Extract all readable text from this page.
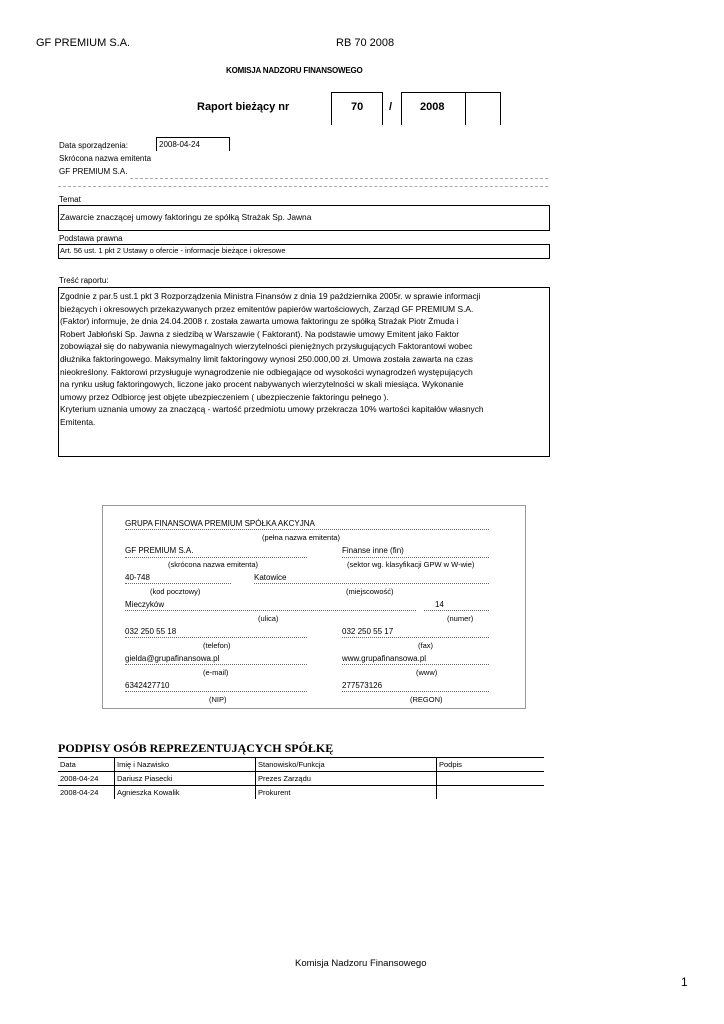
GF PREMIUM S.A.	RB 70 2008
KOMISJA NADZORU FINANSOWEGO
Raport bieżący nr	70 /	2008
Data sporządzenia:	2008-04-24
Skrócona nazwa emitenta
GF PREMIUM S.A.
Temat
Zawarcie znaczącej umowy faktoringu ze spółką Strażak Sp. Jawna
Podstawa prawna
Art. 56 ust. 1 pkt 2 Ustawy o ofercie - informacje bieżące i okresowe
Treść raportu:
Zgodnie z par.5 ust.1 pkt 3 Rozporządzenia Ministra Finansów z dnia 19 października 2005r. w sprawie informacji
bieżących i okresowych przekazywanych przez emitentów papierów wartościowych, Zarząd GF PREMIUM S.A.
(Faktor) informuje, że dnia 24.04.2008 r. została zawarta umowa faktoringu ze spółką Strażak Piotr Żmuda i
Robert Jabłoński Sp. Jawna z siedzibą w Warszawie ( Faktorant). Na podstawie umowy Emitent jako Faktor
zobowiązał się do nabywania niewymagalnych wierzytelności pieniężnych przysługujących Faktorantowi wobec
dłużnika faktoringowego. Maksymalny limit faktoringowy wynosi 250.000,00 zł. Umowa została zawarta na czas
nieokreślony. Faktorowi przysługuje wynagrodzenie nie odbiegające od wysokości wynagrodzeń występujących
na rynku usług faktoringowych, liczone jako procent nabywanych wierzytelności w skali miesiąca. Wykonanie
umowy przez Odbiorcę jest objęte ubezpieczeniem ( ubezpieczenie faktoringu pełnego ).
Kryterium uznania umowy za znaczącą - wartość przedmiotu umowy przekracza 10% wartości kapitałów własnych
Emitenta.
GRUPA FINANSOWA PREMIUM SPÓŁKA AKCYJNA
(pełna nazwa emitenta)
GF PREMIUM S.A.
(skrócona nazwa emitenta)
Finanse inne (fin)
(sektor wg. klasyfikacji GPW w W-wie)
40-748
(kod pocztowy)
Katowice
(miejscowość)
Mieczyków
(ulica)
14
(numer)
032 250 55 18
(telefon)
032 250 55 17
(fax)
gielda@grupafinansowa.pl
(e-mail)
www.grupafinansowa.pl
(www)
6342427710
(NIP)
277573126
(REGON)
PODPISY OSÓB REPREZENTUJĄCYCH SPÓŁKĘ
Data	Imię i Nazwisko	Stanowisko/Funkcja	Podpis
2008-04-24	Dariusz Piasecki	Prezes Zarządu	
2008-04-24	Agnieszka Kowalik	Prokurent	
Komisja Nadzoru Finansowego
1
